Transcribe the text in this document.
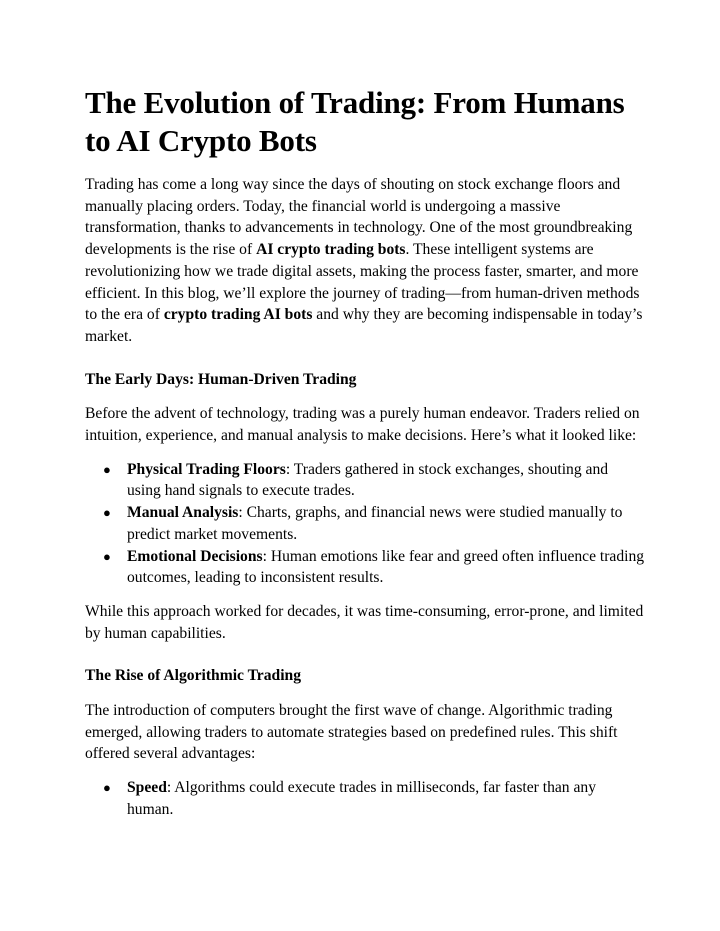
The Evolution of Trading: From Humans to AI Crypto Bots

Trading has come a long way since the days of shouting on stock exchange floors and manually placing orders. Today, the financial world is undergoing a massive transformation, thanks to advancements in technology. One of the most groundbreaking developments is the rise of AI crypto trading bots. These intelligent systems are revolutionizing how we trade digital assets, making the process faster, smarter, and more efficient. In this blog, we’ll explore the journey of trading—from human-driven methods to the era of crypto trading AI bots and why they are becoming indispensable in today’s market.

The Early Days: Human-Driven Trading

Before the advent of technology, trading was a purely human endeavor. Traders relied on intuition, experience, and manual analysis to make decisions. Here’s what it looked like:

● Physical Trading Floors: Traders gathered in stock exchanges, shouting and using hand signals to execute trades.
● Manual Analysis: Charts, graphs, and financial news were studied manually to predict market movements.
● Emotional Decisions: Human emotions like fear and greed often influence trading outcomes, leading to inconsistent results.

While this approach worked for decades, it was time-consuming, error-prone, and limited by human capabilities.

The Rise of Algorithmic Trading

The introduction of computers brought the first wave of change. Algorithmic trading emerged, allowing traders to automate strategies based on predefined rules. This shift offered several advantages:

● Speed: Algorithms could execute trades in milliseconds, far faster than any human.
